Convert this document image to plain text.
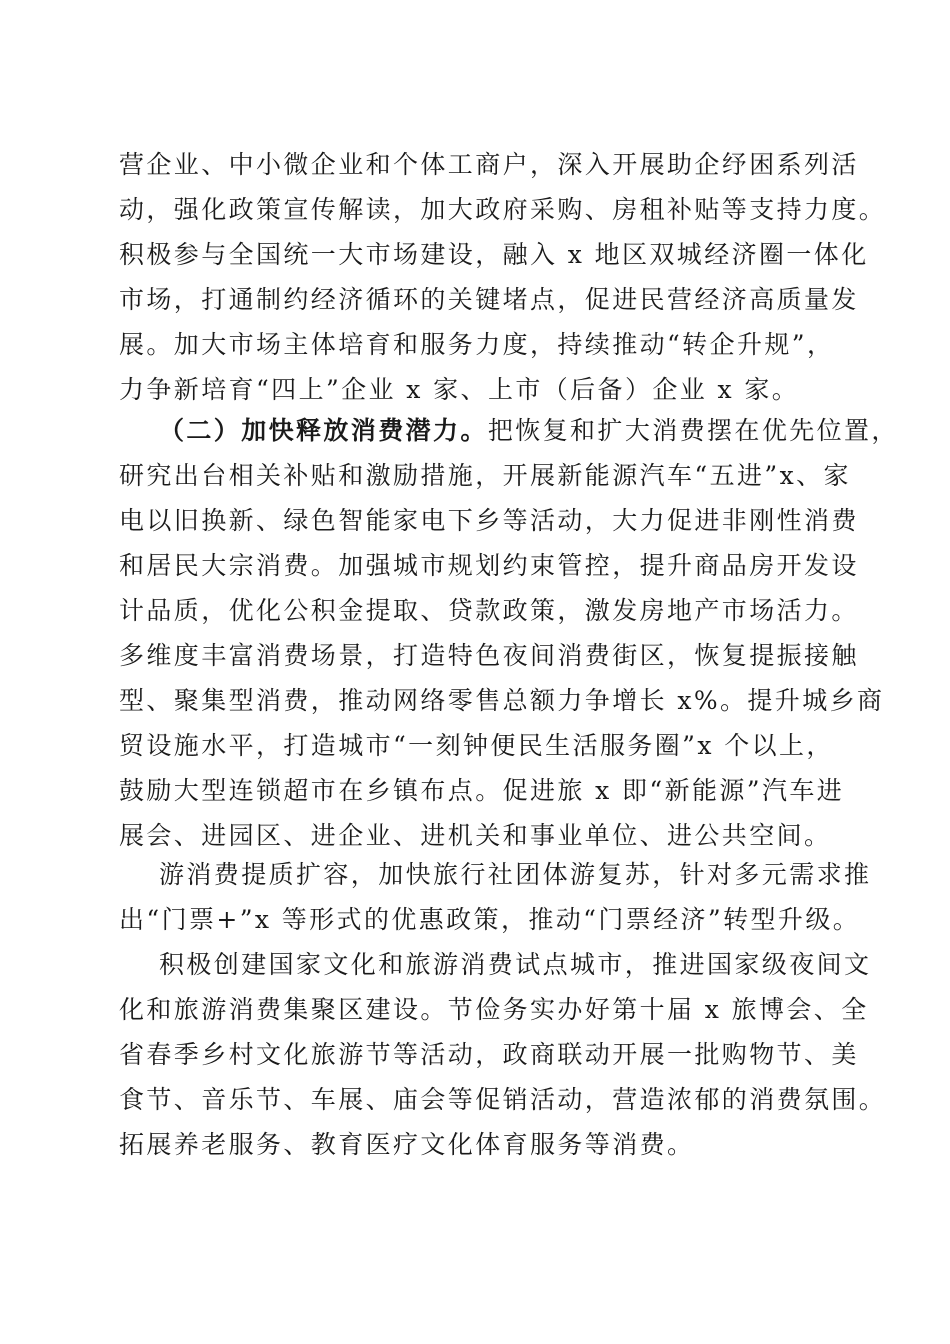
营企业、中小微企业和个体工商户，深入开展助企纾困系列活
动，强化政策宣传解读，加大政府采购、房租补贴等支持力度。
积极参与全国统一大市场建设，融入 x 地区双城经济圈一体化
市场，打通制约经济循环的关键堵点，促进民营经济高质量发
展。加大市场主体培育和服务力度，持续推动“转企升规”，
力争新培育“四上”企业 x 家、上市（后备）企业 x 家。
（二）加快释放消费潜力。把恢复和扩大消费摆在优先位置，
研究出台相关补贴和激励措施，开展新能源汽车“五进”x、家
电以旧换新、绿色智能家电下乡等活动，大力促进非刚性消费
和居民大宗消费。加强城市规划约束管控，提升商品房开发设
计品质，优化公积金提取、贷款政策，激发房地产市场活力。
多维度丰富消费场景，打造特色夜间消费街区，恢复提振接触
型、聚集型消费，推动网络零售总额力争增长 x%。提升城乡商
贸设施水平，打造城市“一刻钟便民生活服务圈”x 个以上，
鼓励大型连锁超市在乡镇布点。促进旅 x 即“新能源”汽车进
展会、进园区、进企业、进机关和事业单位、进公共空间。
游消费提质扩容，加快旅行社团体游复苏，针对多元需求推
出“门票+”x 等形式的优惠政策，推动“门票经济”转型升级。
积极创建国家文化和旅游消费试点城市，推进国家级夜间文
化和旅游消费集聚区建设。节俭务实办好第十届 x 旅博会、全
省春季乡村文化旅游节等活动，政商联动开展一批购物节、美
食节、音乐节、车展、庙会等促销活动，营造浓郁的消费氛围。
拓展养老服务、教育医疗文化体育服务等消费。
